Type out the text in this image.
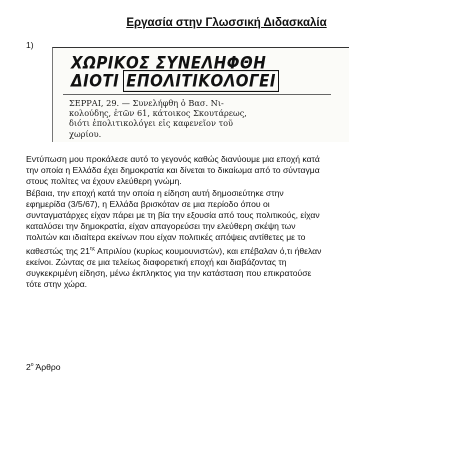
Εργασία στην Γλωσσική Διδασκαλία
1)
ΧΩΡΙΚΟΣ ΣΥΝΕΛΗΦΘΗ
ΔΙΟΤΙ ΕΠΟΛΙΤΙΚΟΛΟΓΕΙ
ΣΕΡΡΑΙ, 29. — Συνελήφθη ὁ Βασ. Νι-
κολούδης, ἐτῶν 61, κάτοικος Σκουτάρεως,
διότι ἐπολιτικολόγει εἰς καφενεῖον τοῦ
χωρίου.

Εντύπωση μου προκάλεσε αυτό το γεγονός καθώς διανύουμε μια εποχή κατά

την οποία η Ελλάδα έχει δημοκρατία και δίνεται το δικαίωμα από το σύνταγμα

στους πολίτες να έχουν ελεύθερη γνώμη.

Βέβαια, την εποχή κατά την οποία η είδηση αυτή δημοσιεύτηκε στην

εφημερίδα (3/5/67), η Ελλάδα βρισκόταν σε μια περίοδο όπου οι

συνταγματάρχες είχαν πάρει με τη βία την εξουσία από τους πολιτικούς, είχαν

καταλύσει την δημοκρατία, είχαν απαγορεύσει την ελεύθερη σκέψη των

πολιτών και ιδιαίτερα εκείνων που είχαν πολιτικές απόψεις αντίθετες με το

καθεστώς της $21^{\eta\varsigma}$ Απριλίου (κυρίως κουμουνιστών), και επέβαλαν ό,τι ήθελαν

εκείνοι. Ζώντας σε μια τελείως διαφορετική εποχή και διαβάζοντας τη

συγκεκριμένη είδηση, μένω έκπληκτος για την κατάσταση που επικρατούσε

τότε στην χώρα.

$2^o$ Άρθρο
